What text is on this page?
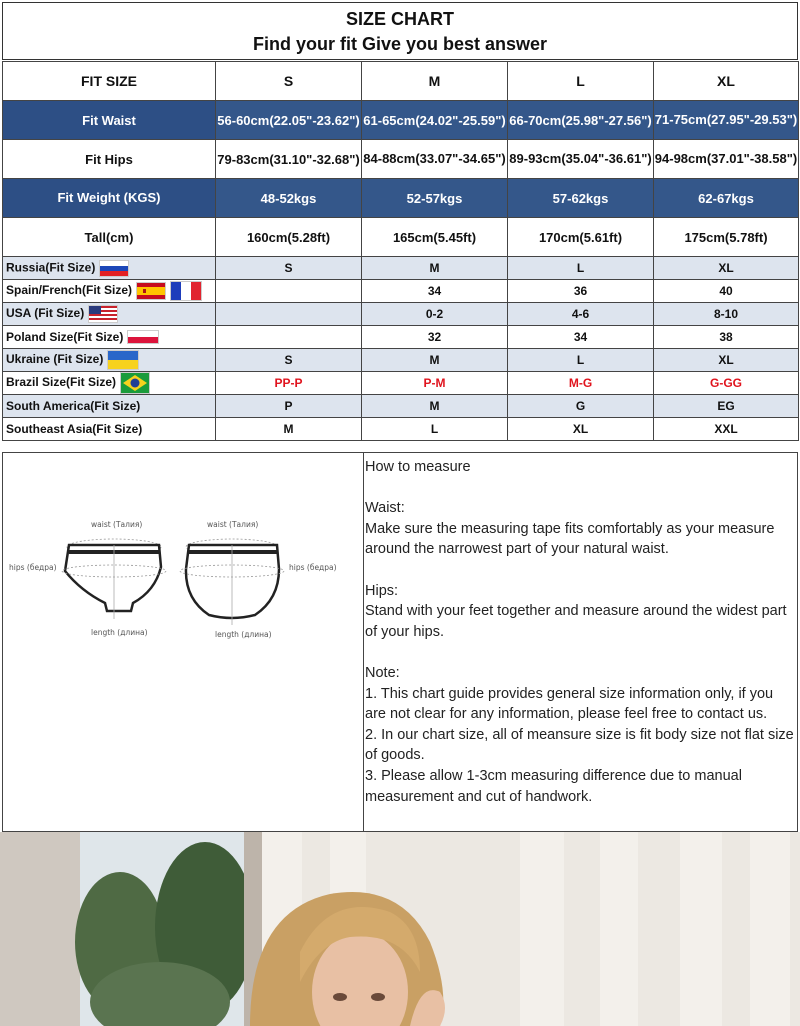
SIZE CHART
Find your fit Give you best answer
FIT SIZE	S	M	L	XL
Fit Waist	56-60cm(22.05"-23.62")	61-65cm(24.02"-25.59")	66-70cm(25.98"-27.56")	71-75cm(27.95"-29.53")
Fit Hips	79-83cm(31.10"-32.68")	84-88cm(33.07"-34.65")	89-93cm(35.04"-36.61")	94-98cm(37.01"-38.58")
Fit Weight (KGS)	48-52kgs	52-57kgs	57-62kgs	62-67kgs
Tall(cm)	160cm(5.28ft)	165cm(5.45ft)	170cm(5.61ft)	175cm(5.78ft)
Russia(Fit Size)	S	M	L	XL
Spain/French(Fit Size)		34	36	40
USA (Fit Size)		0-2	4-6	8-10
Poland Size(Fit Size)		32	34	38
Ukraine (Fit Size)	S	M	L	XL
Brazil Size(Fit Size)	PP-P	P-M	M-G	G-GG
South America(Fit Size)	P	M	G	EG
Southeast Asia(Fit Size)	M	L	XL	XXL
waist (Талия)
hips (бедра)
length (длина)
waist (Талия)
hips (бедра)
length (длина)

How to measure

Waist:

Make sure the measuring tape fits comfortably as your measure around the narrowest part of your natural waist.

Hips:

Stand with your feet together and measure around the widest part of your hips.

Note:

1. This chart guide provides general size information only, if you are not clear for any information, please feel free to contact us.

2. In our chart size, all of meansure size is fit body size not flat size of goods.

3. Please allow 1-3cm measuring difference due to manual measurement and cut of handwork.
